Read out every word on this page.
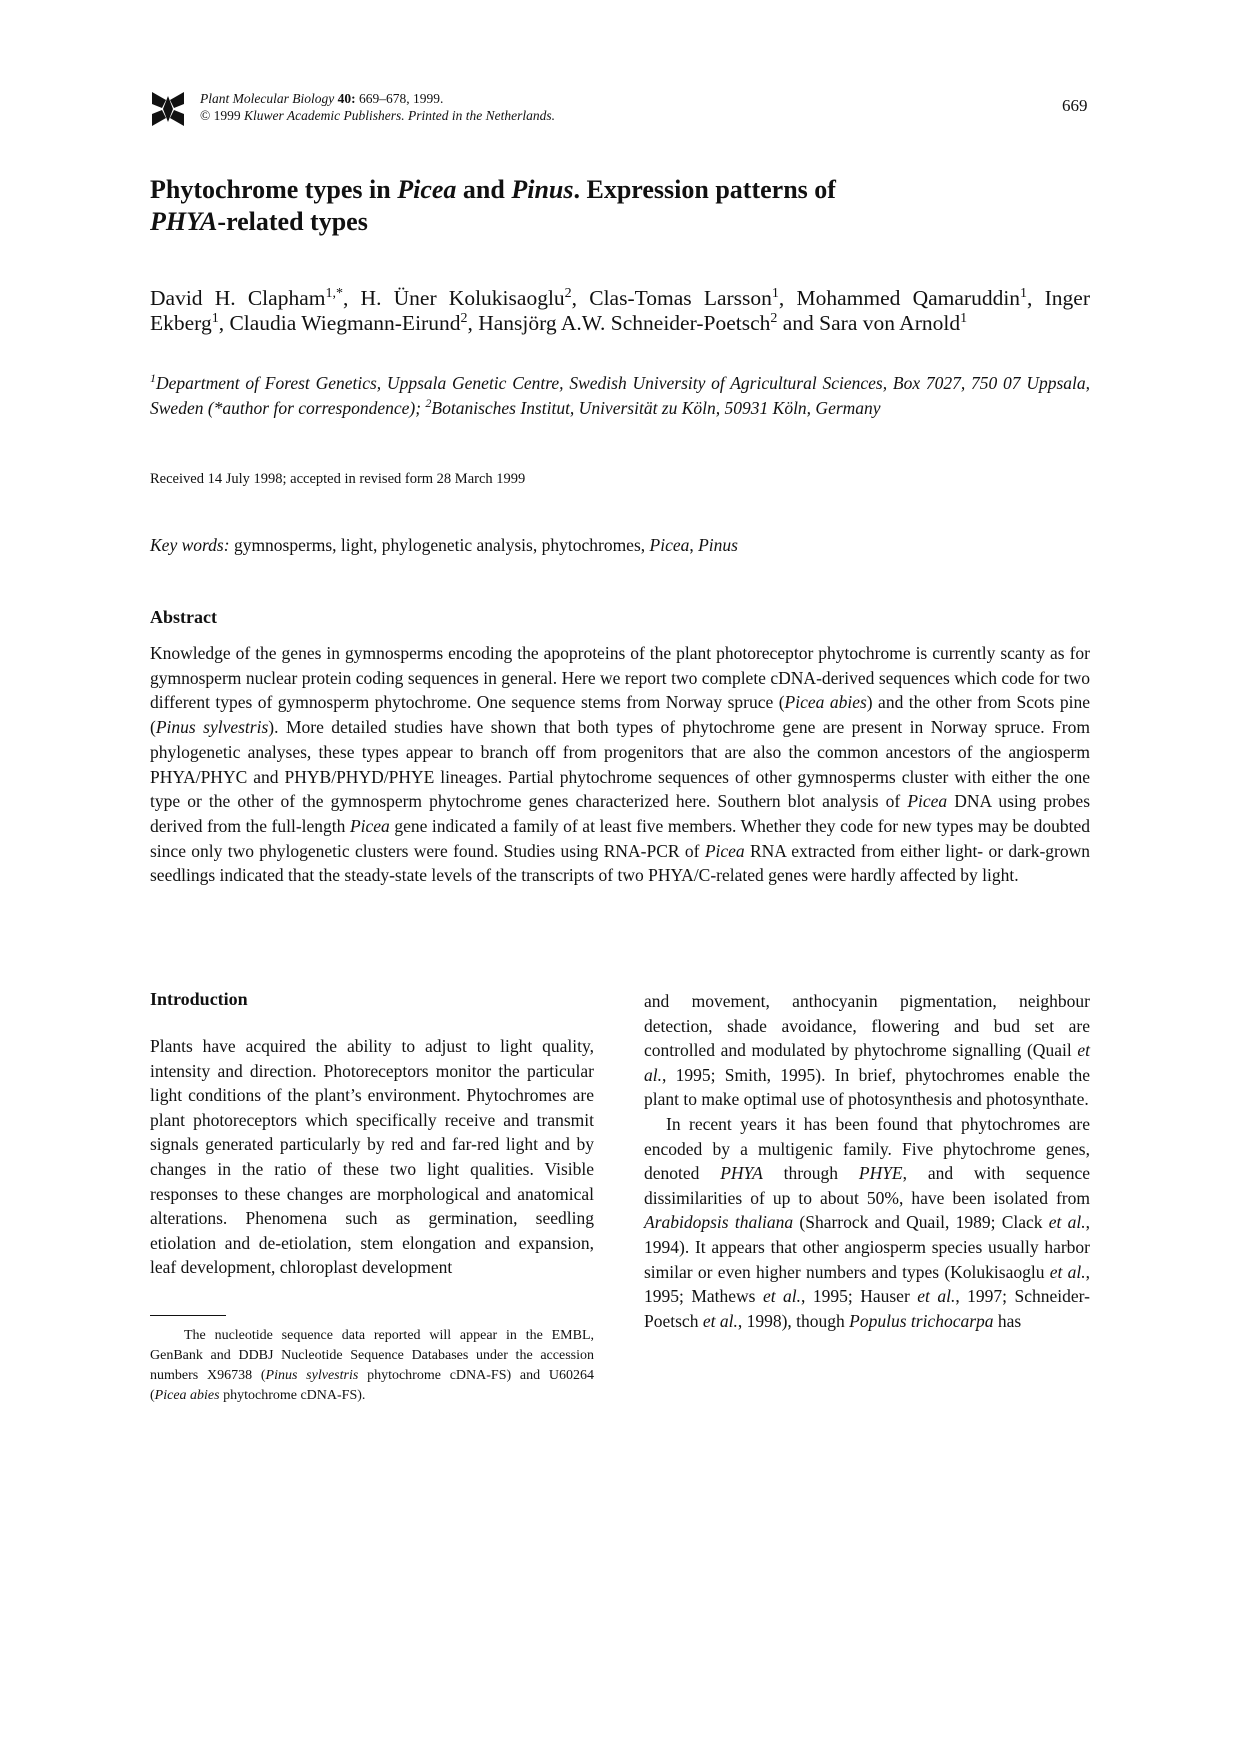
Plant Molecular Biology 40: 669–678, 1999.
© 1999 Kluwer Academic Publishers. Printed in the Netherlands.
669
Phytochrome types in Picea and Pinus. Expression patterns of
PHYA-related types
David H. Clapham$^{1,*}$, H. Üner Kolukisaoglu$^2$, Clas-Tomas Larsson$^1$, Mohammed Qamaruddin$^1$, Inger Ekberg$^1$, Claudia Wiegmann-Eirund$^2$, Hansjörg A.W. Schneider-Poetsch$^2$ and Sara von Arnold$^1$
$^1$Department of Forest Genetics, Uppsala Genetic Centre, Swedish University of Agricultural Sciences, Box 7027, 750 07 Uppsala, Sweden (*author for correspondence); $^2$Botanisches Institut, Universität zu Köln, 50931 Köln, Germany
Received 14 July 1998; accepted in revised form 28 March 1999
Key words: gymnosperms, light, phylogenetic analysis, phytochromes, Picea, Pinus
Abstract

Knowledge of the genes in gymnosperms encoding the apoproteins of the plant photoreceptor phytochrome is currently scanty as for gymnosperm nuclear protein coding sequences in general. Here we report two complete cDNA-derived sequences which code for two different types of gymnosperm phytochrome. One sequence stems from Norway spruce (Picea abies) and the other from Scots pine (Pinus sylvestris). More detailed studies have shown that both types of phytochrome gene are present in Norway spruce. From phylogenetic analyses, these types appear to branch off from progenitors that are also the common ancestors of the angiosperm PHYA/PHYC and PHYB/PHYD/PHYE lineages. Partial phytochrome sequences of other gymnosperms cluster with either the one type or the other of the gymnosperm phytochrome genes characterized here. Southern blot analysis of Picea DNA using probes derived from the full-length Picea gene indicated a family of at least five members. Whether they code for new types may be doubted since only two phylogenetic clusters were found. Studies using RNA-PCR of Picea RNA extracted from either light- or dark-grown seedlings indicated that the steady-state levels of the transcripts of two PHYA/C-related genes were hardly affected by light.

Introduction

Plants have acquired the ability to adjust to light quality, intensity and direction. Photoreceptors monitor the particular light conditions of the plant’s environment. Phytochromes are plant photoreceptors which specifically receive and transmit signals generated particularly by red and far-red light and by changes in the ratio of these two light qualities. Visible responses to these changes are morphological and anatomical alterations. Phenomena such as germination, seedling etiolation and de-etiolation, stem elongation and expansion, leaf development, chloroplast development

and movement, anthocyanin pigmentation, neighbour detection, shade avoidance, flowering and bud set are controlled and modulated by phytochrome signalling (Quail et al., 1995; Smith, 1995). In brief, phytochromes enable the plant to make optimal use of photosynthesis and photosynthate.

In recent years it has been found that phytochromes are encoded by a multigenic family. Five phytochrome genes, denoted PHYA through PHYE, and with sequence dissimilarities of up to about 50%, have been isolated from Arabidopsis thaliana (Sharrock and Quail, 1989; Clack et al., 1994). It appears that other angiosperm species usually harbor similar or even higher numbers and types (Kolukisaoglu et al., 1995; Mathews et al., 1995; Hauser et al., 1997; Schneider-Poetsch et al., 1998), though Populus trichocarpa has

The nucleotide sequence data reported will appear in the EMBL, GenBank and DDBJ Nucleotide Sequence Databases under the accession numbers X96738 (Pinus sylvestris phytochrome cDNA-FS) and U60264 (Picea abies phytochrome cDNA-FS).
